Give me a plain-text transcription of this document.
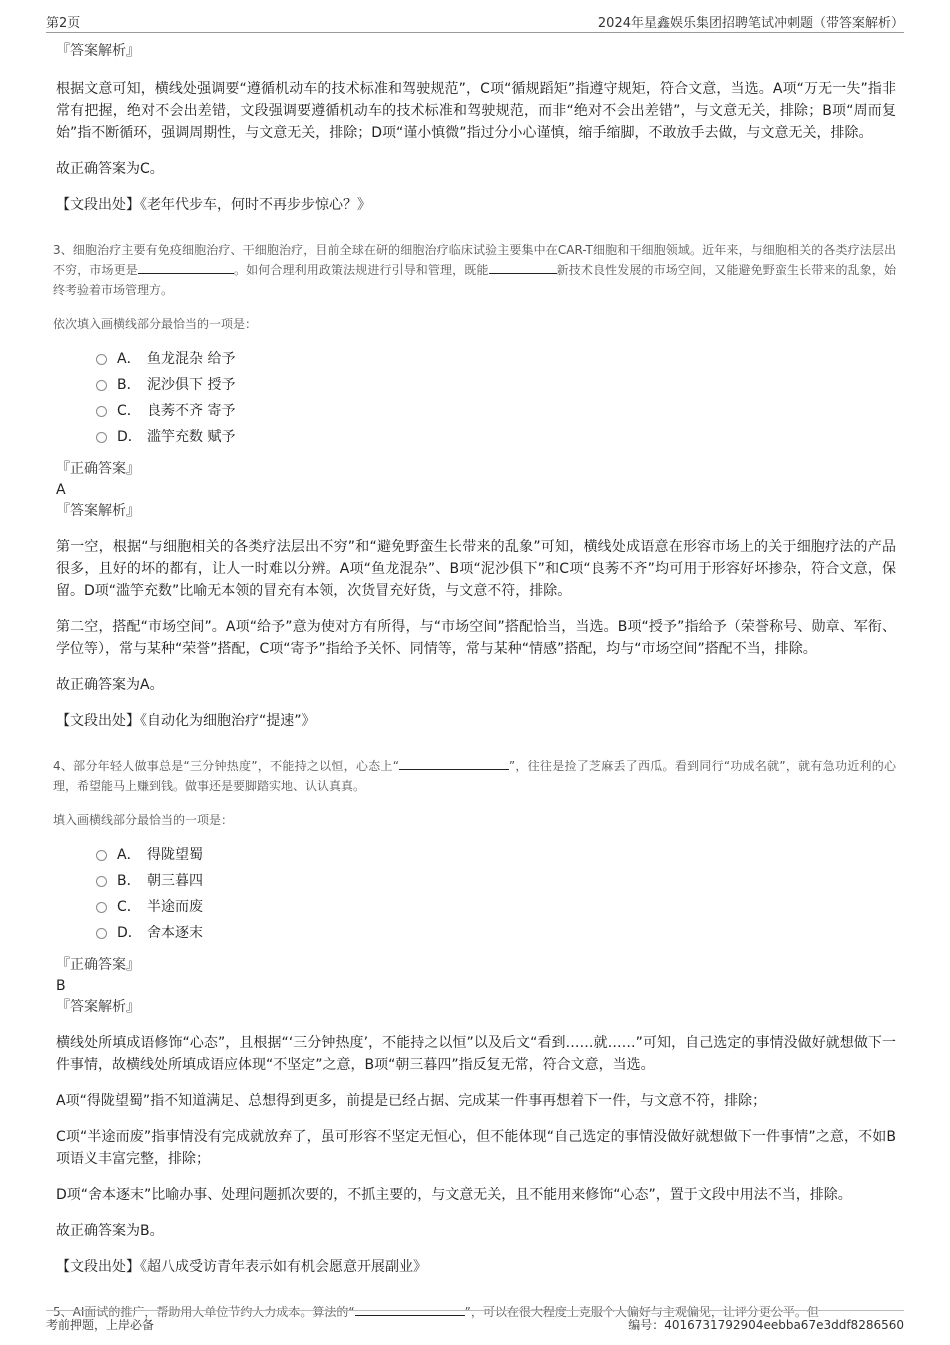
第2页	2024年星鑫娱乐集团招聘笔试冲刺题（带答案解析）
『答案解析』

根据文意可知，横线处强调要“遵循机动车的技术标准和驾驶规范”，C项“循规蹈矩”指遵守规矩，符合文意，当选。A项“万无一失”指非常有把握，绝对不会出差错，文段强调要遵循机动车的技术标准和驾驶规范，而非“绝对不会出差错”，与文意无关，排除；B项“周而复始”指不断循环，强调周期性，与文意无关，排除；D项“谨小慎微”指过分小心谨慎，缩手缩脚，不敢放手去做，与文意无关，排除。

故正确答案为C。

【文段出处】《老年代步车，何时不再步步惊心？》

3、细胞治疗主要有免疫细胞治疗、干细胞治疗，目前全球在研的细胞治疗临床试验主要集中在CAR-T细胞和干细胞领域。近年来，与细胞相关的各类疗法层出不穷，市场更是	。如何合理利用政策法规进行引导和管理，既能	新技术良性发展的市场空间，又能避免野蛮生长带来的乱象，始终考验着市场管理方。

依次填入画横线部分最恰当的一项是：

A． 鱼龙混杂 给予
B． 泥沙俱下 授予
C． 良莠不齐 寄予
D． 滥竽充数 赋予
『正确答案』
A
『答案解析』

第一空，根据“与细胞相关的各类疗法层出不穷”和“避免野蛮生长带来的乱象”可知，横线处成语意在形容市场上的关于细胞疗法的产品很多，且好的坏的都有，让人一时难以分辨。A项“鱼龙混杂”、B项“泥沙俱下”和C项“良莠不齐”均可用于形容好坏掺杂，符合文意，保留。D项“滥竽充数”比喻无本领的冒充有本领，次货冒充好货，与文意不符，排除。

第二空，搭配“市场空间”。A项“给予”意为使对方有所得，与“市场空间”搭配恰当，当选。B项“授予”指给予（荣誉称号、勋章、军衔、学位等），常与某种“荣誉”搭配，C项“寄予”指给予关怀、同情等，常与某种“情感”搭配，均与“市场空间”搭配不当，排除。

故正确答案为A。

【文段出处】《自动化为细胞治疗“提速”》

4、部分年轻人做事总是“三分钟热度”，不能持之以恒，心态上“	”，往往是捡了芝麻丢了西瓜。看到同行“功成名就”，就有急功近利的心理，希望能马上赚到钱。做事还是要脚踏实地、认认真真。

填入画横线部分最恰当的一项是：

A． 得陇望蜀
B． 朝三暮四
C． 半途而废
D． 舍本逐末
『正确答案』
B
『答案解析』

横线处所填成语修饰“心态”，且根据“‘三分钟热度’，不能持之以恒”以及后文“看到……就……”可知，自己选定的事情没做好就想做下一件事情，故横线处所填成语应体现“不坚定”之意，B项“朝三暮四”指反复无常，符合文意，当选。

A项“得陇望蜀”指不知道满足、总想得到更多，前提是已经占据、完成某一件事再想着下一件，与文意不符，排除；

C项“半途而废”指事情没有完成就放弃了，虽可形容不坚定无恒心，但不能体现“自己选定的事情没做好就想做下一件事情”之意，不如B项语义丰富完整，排除；

D项“舍本逐末”比喻办事、处理问题抓次要的，不抓主要的，与文意无关，且不能用来修饰“心态”，置于文段中用法不当，排除。

故正确答案为B。

【文段出处】《超八成受访青年表示如有机会愿意开展副业》

5、AI面试的推广，帮助用人单位节约人力成本。算法的“	”，可以在很大程度上克服个人偏好与主观偏见，让评分更公平。但

考前押题，上岸必备	编号：4016731792904eebba67e3ddf8286560
